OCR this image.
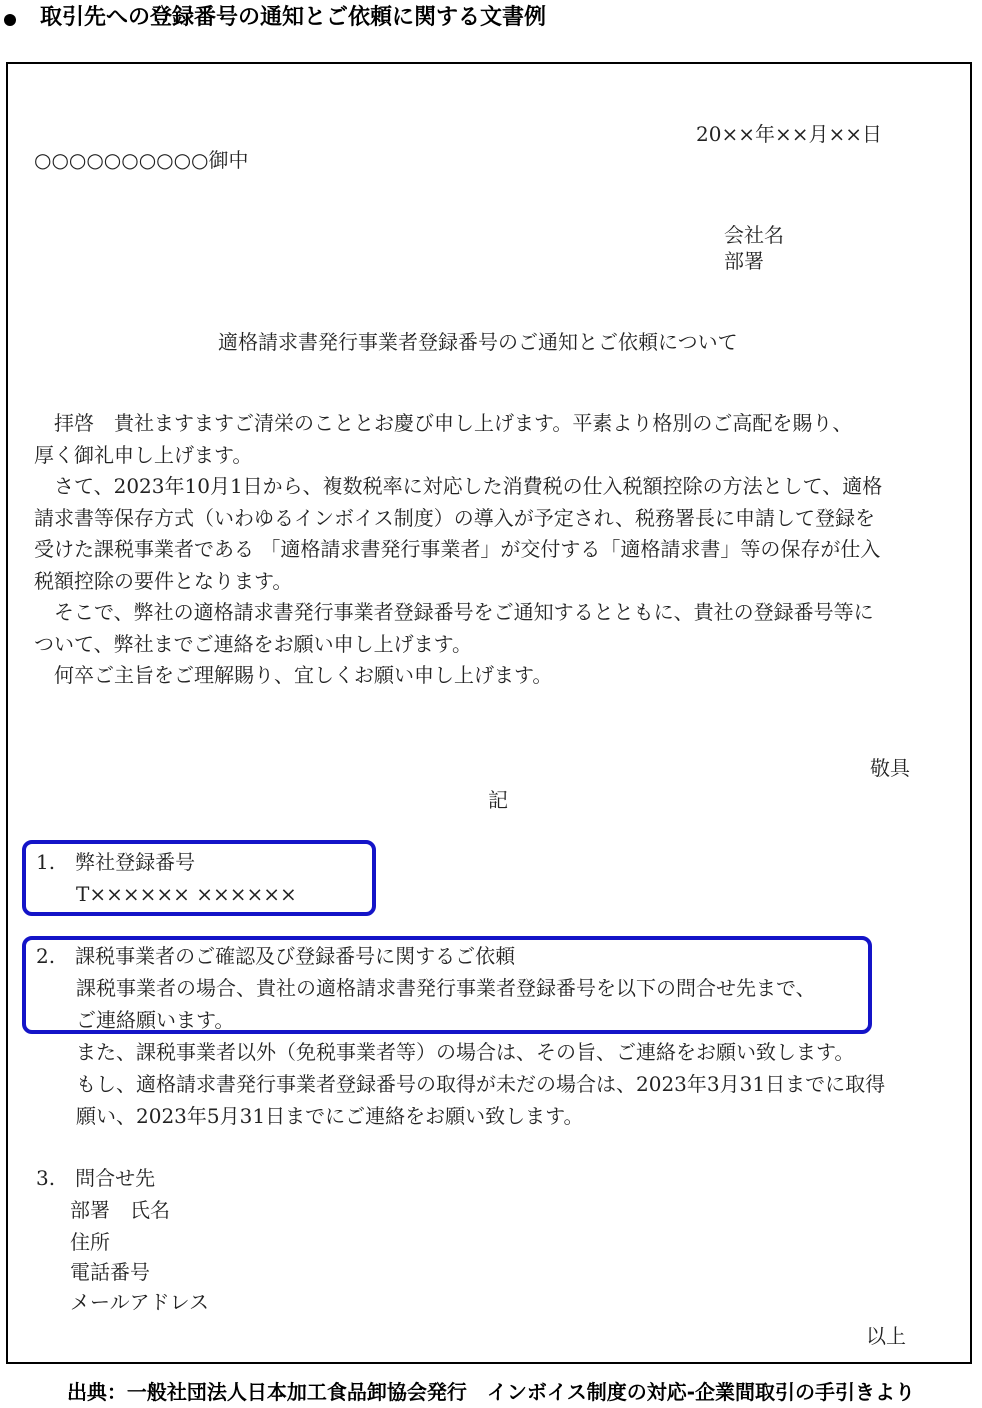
取引先への登録番号の通知とご依頼に関する文書例
20××年××月××日
○○○○○○○○○○御中
会社名
部署
適格請求書発行事業者登録番号のご通知とご依頼について

　拝啓　貴社ますますご清栄のこととお慶び申し上げます。平素より格別のご高配を賜り、

厚く御礼申し上げます。

　さて、2023年10月1日から、複数税率に対応した消費税の仕入税額控除の方法として、適格

請求書等保存方式（いわゆるインボイス制度）の導入が予定され、税務署長に申請して登録を

受けた課税事業者である 「適格請求書発行事業者」が交付する「適格請求書」等の保存が仕入

税額控除の要件となります。

　そこで、弊社の適格請求書発行事業者登録番号をご通知するとともに、貴社の登録番号等に

ついて、弊社までご連絡をお願い申し上げます。

　何卒ご主旨をご理解賜り、宜しくお願い申し上げます。

敬具
記
1.　弊社登録番号
T×××××× ××××××
2.　課税事業者のご確認及び登録番号に関するご依頼
課税事業者の場合、貴社の適格請求書発行事業者登録番号を以下の問合せ先まで、
ご連絡願います。
また、課税事業者以外（免税事業者等）の場合は、その旨、ご連絡をお願い致します。
もし、適格請求書発行事業者登録番号の取得が未だの場合は、2023年3月31日までに取得
願い、2023年5月31日までにご連絡をお願い致します。
3.　問合せ先
部署　氏名
住所
電話番号
メールアドレス
以上
出典：一般社団法人日本加工食品卸協会発行　インボイス制度の対応-企業間取引の手引きより
